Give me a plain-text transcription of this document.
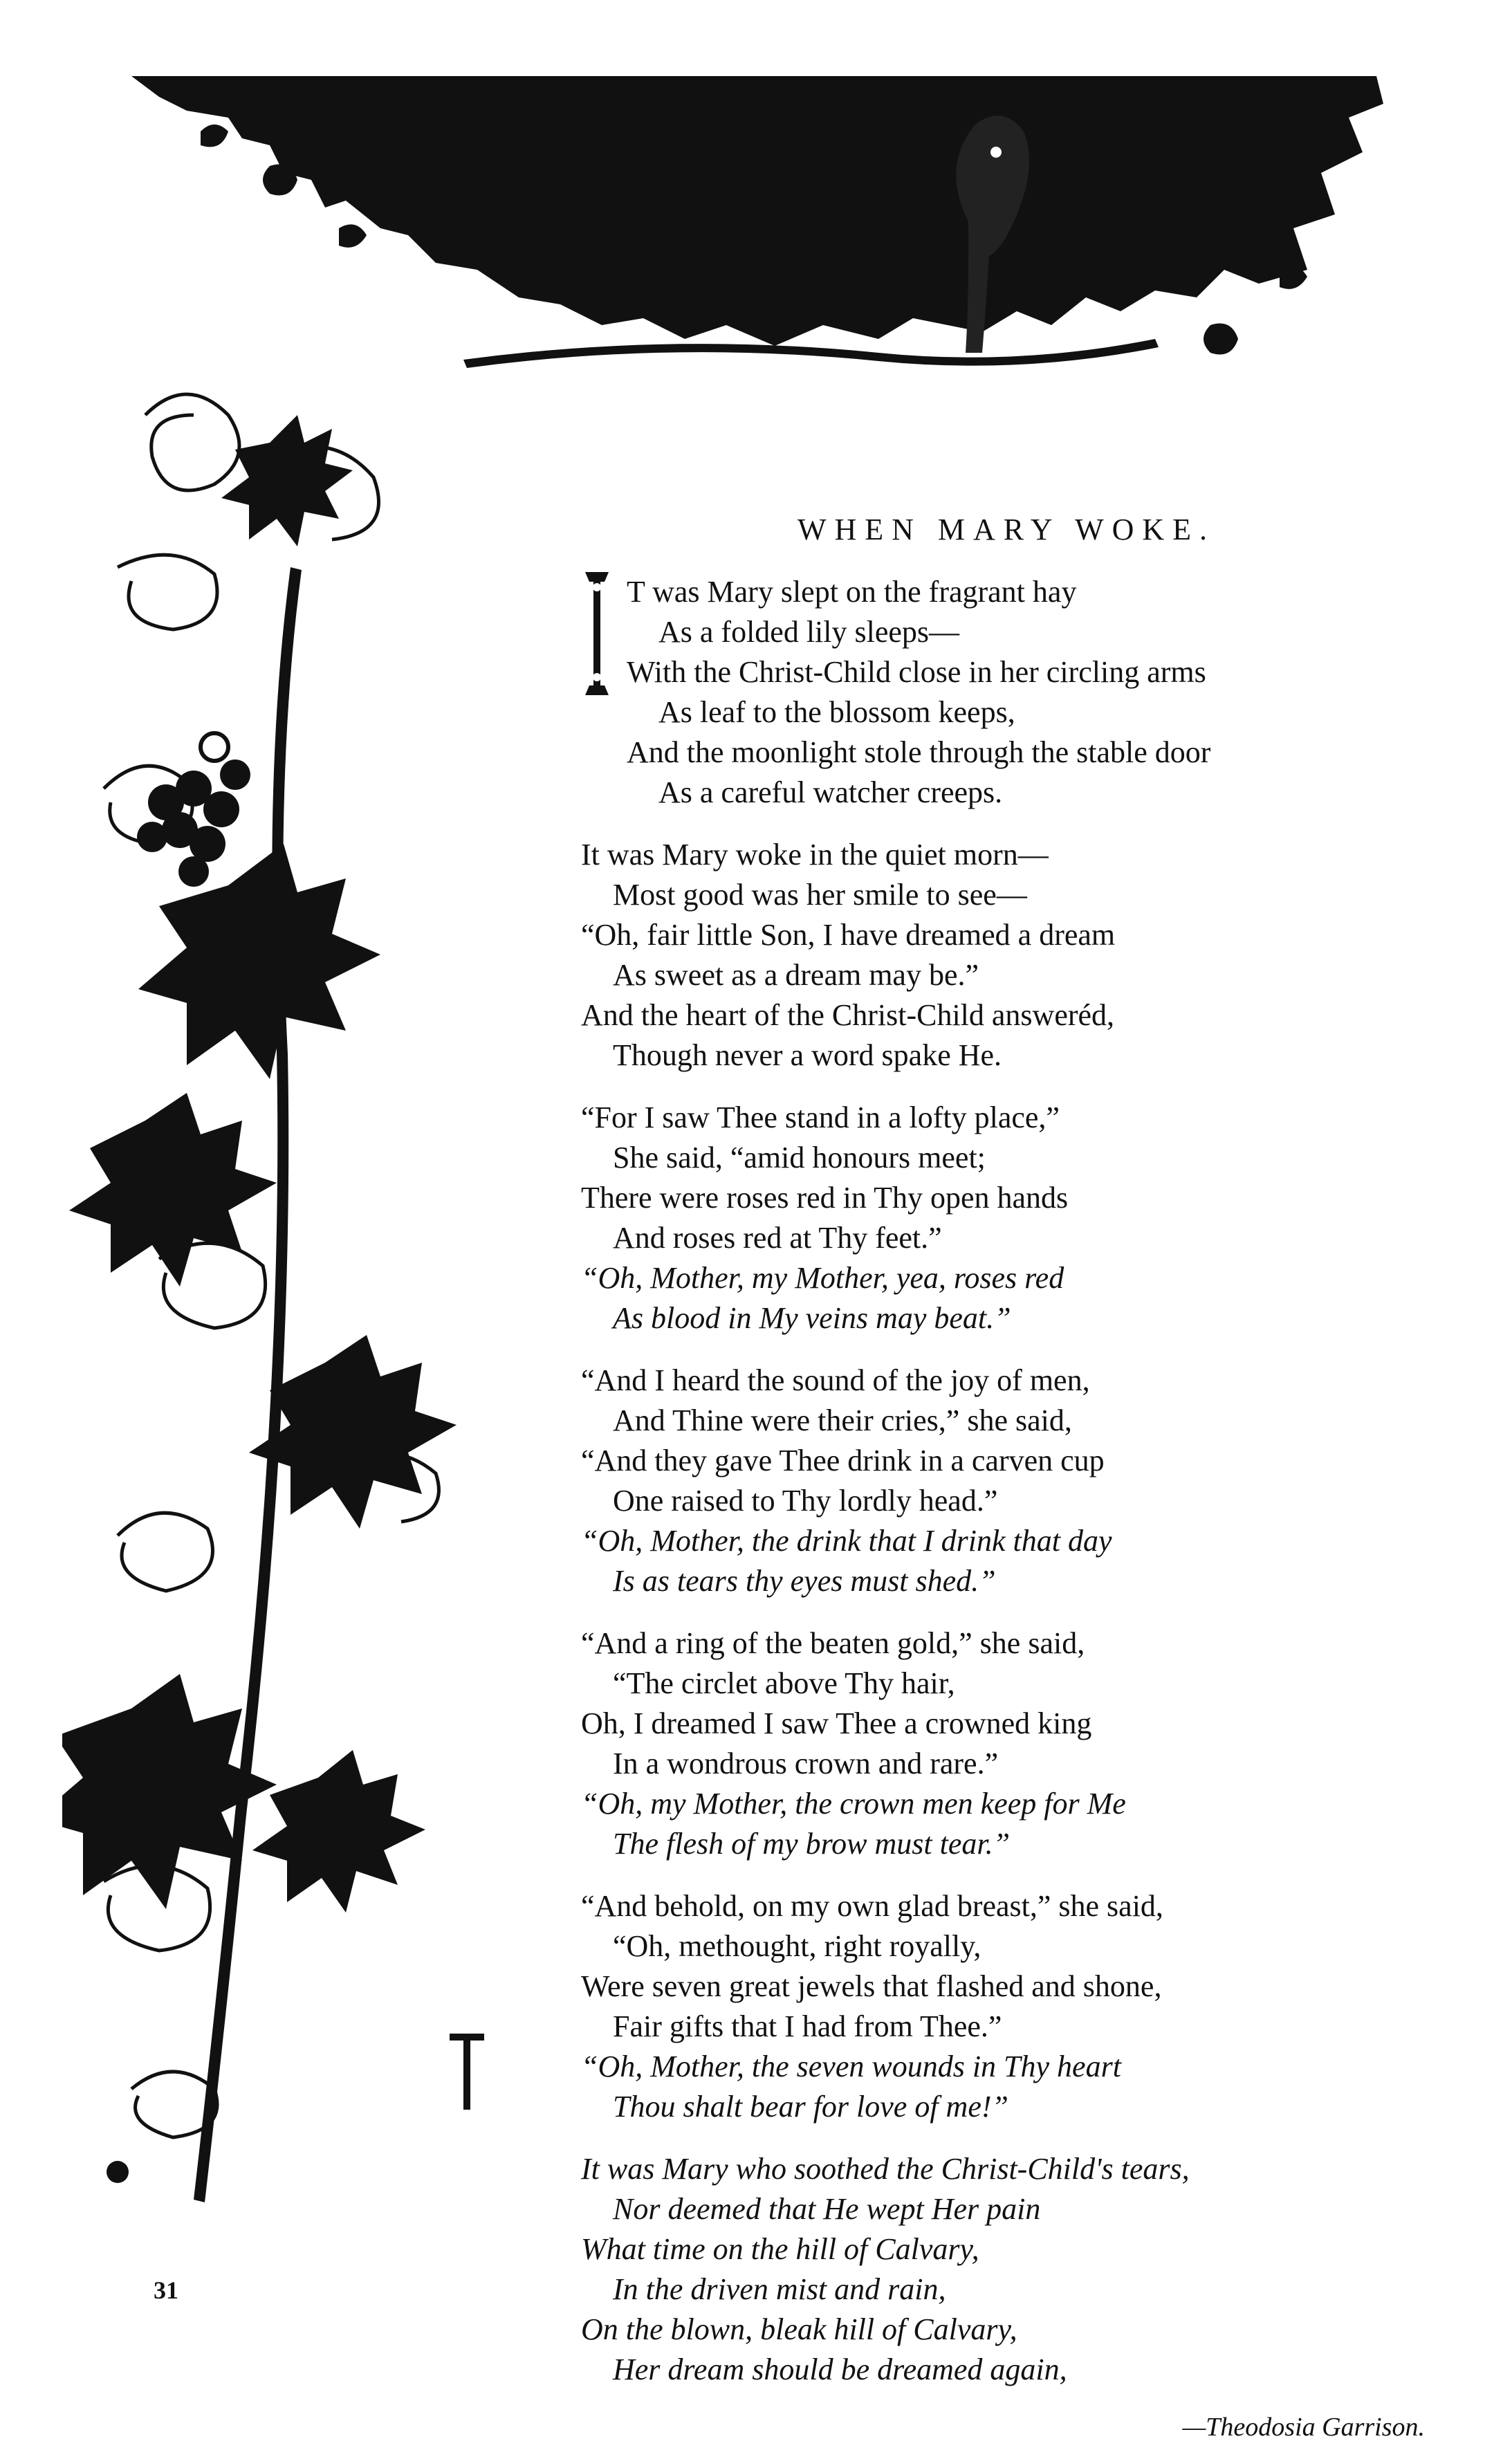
WHEN MARY WOKE.
T was Mary slept on the fragrant hay
As a folded lily sleeps—
With the Christ-Child close in her circling arms
As leaf to the blossom keeps,
And the moonlight stole through the stable door
As a careful watcher creeps.
It was Mary woke in the quiet morn—
Most good was her smile to see—
“Oh, fair little Son, I have dreamed a dream
As sweet as a dream may be.”
And the heart of the Christ-Child answeréd,
Though never a word spake He.
“For I saw Thee stand in a lofty place,”
She said, “amid honours meet;
There were roses red in Thy open hands
And roses red at Thy feet.”
“Oh, Mother, my Mother, yea, roses red
As blood in My veins may beat.”
“And I heard the sound of the joy of men,
And Thine were their cries,” she said,
“And they gave Thee drink in a carven cup
One raised to Thy lordly head.”
“Oh, Mother, the drink that I drink that day
Is as tears thy eyes must shed.”
“And a ring of the beaten gold,” she said,
“The circlet above Thy hair,
Oh, I dreamed I saw Thee a crowned king
In a wondrous crown and rare.”
“Oh, my Mother, the crown men keep for Me
The flesh of my brow must tear.”
“And behold, on my own glad breast,” she said,
“Oh, methought, right royally,
Were seven great jewels that flashed and shone,
Fair gifts that I had from Thee.”
“Oh, Mother, the seven wounds in Thy heart
Thou shalt bear for love of me!”
It was Mary who soothed the Christ-Child's tears,
Nor deemed that He wept Her pain
What time on the hill of Calvary,
In the driven mist and rain,
On the blown, bleak hill of Calvary,
Her dream should be dreamed again,
—Theodosia Garrison.
31
